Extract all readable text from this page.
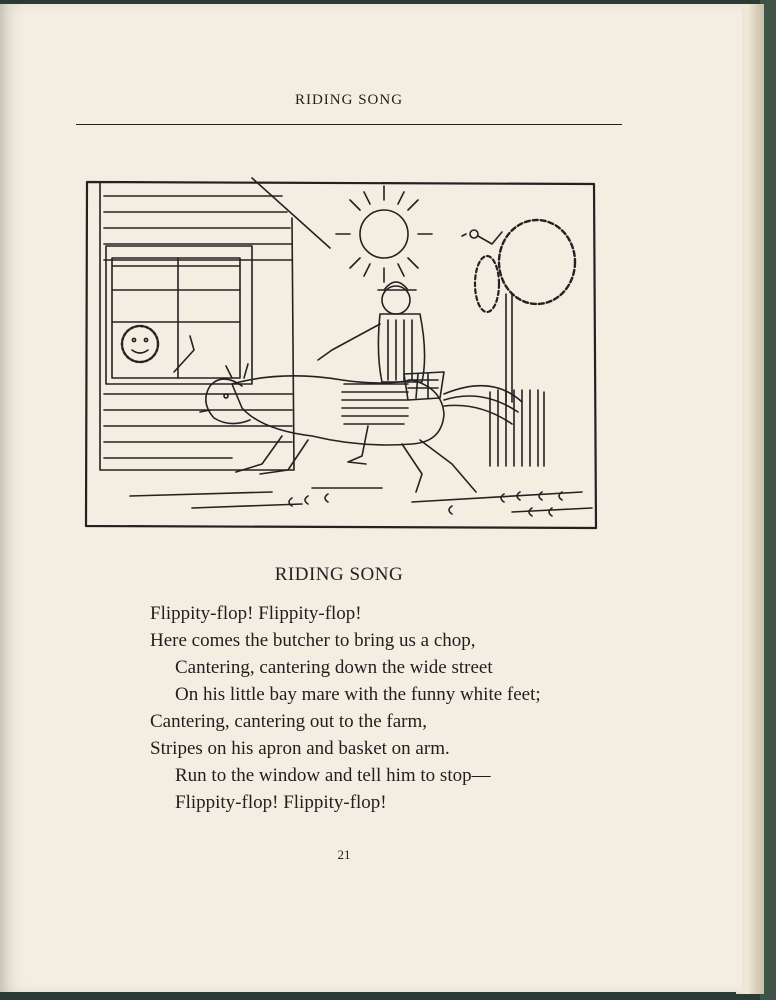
RIDING SONG
RIDING SONG
Flippity-flop! Flippity-flop!
Here comes the butcher to bring us a chop,
Cantering, cantering down the wide street
On his little bay mare with the funny white feet;
Cantering, cantering out to the farm,
Stripes on his apron and basket on arm.
Run to the window and tell him to stop—
Flippity-flop! Flippity-flop!
21
